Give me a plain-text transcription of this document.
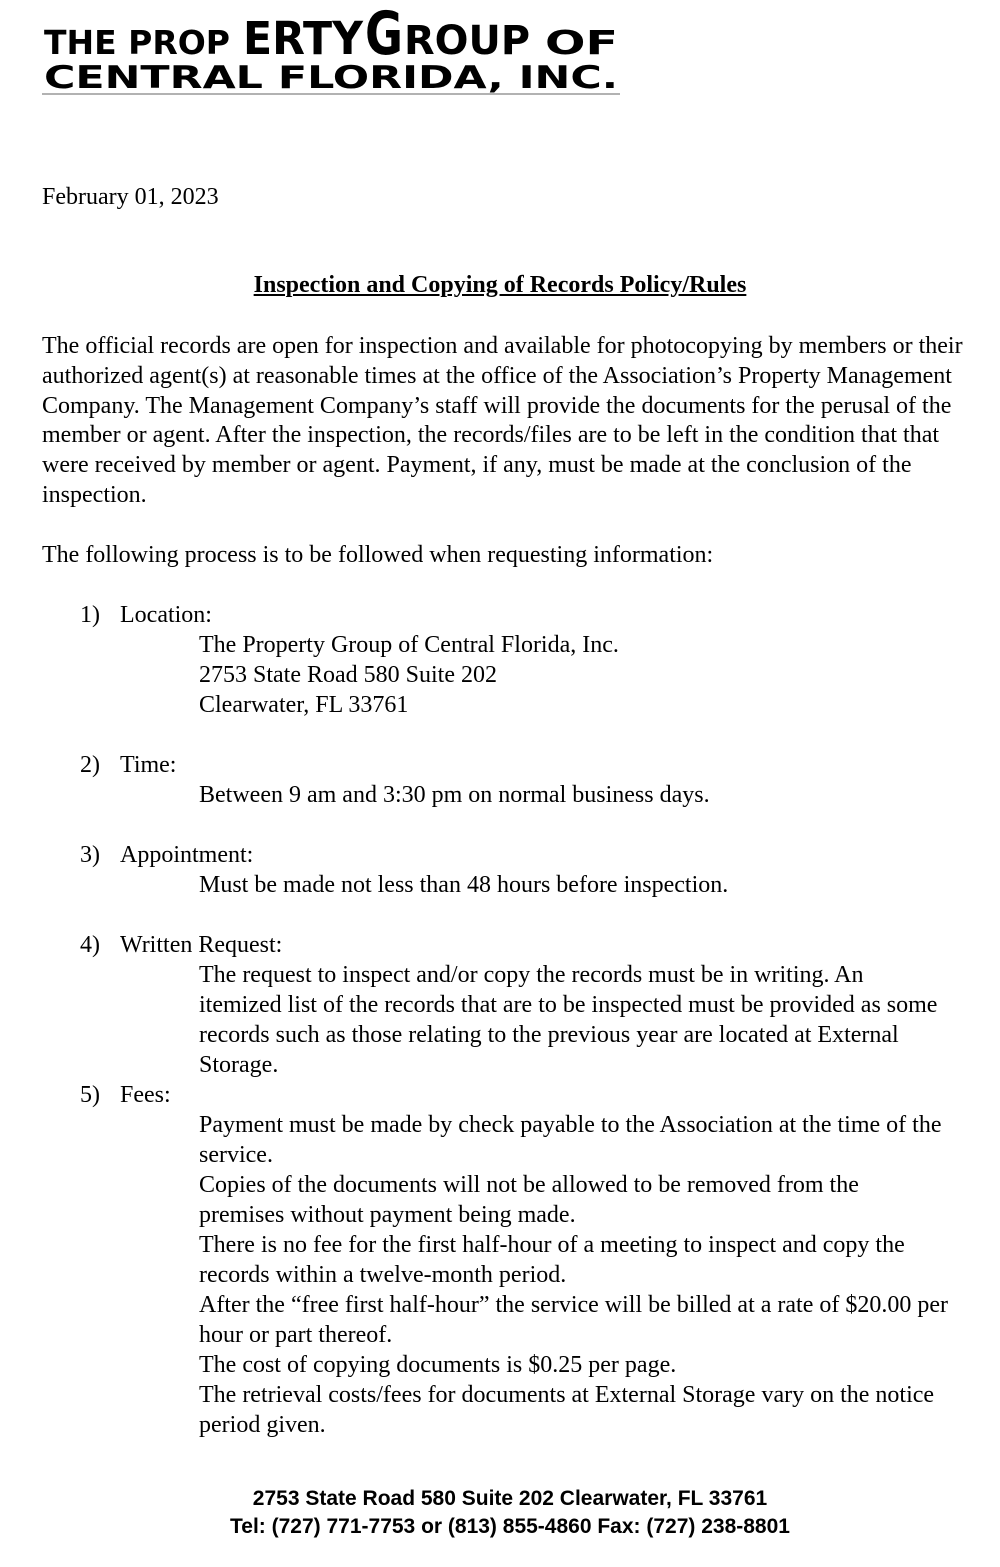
THE PROP ERTY G ROUP OF
CENTRAL FLORIDA, INC.
February 01, 2023
Inspection and Copying of Records Policy/Rules

The official records are open for inspection and available for photocopying by members or their authorized agent(s) at reasonable times at the office of the Association’s Property Management Company. The Management Company’s staff will provide the documents for the perusal of the member or agent. After the inspection, the records/files are to be left in the condition that that were received by member or agent. Payment, if any, must be made at the conclusion of the inspection.

The following process is to be followed when requesting information:

1) Location:
The Property Group of Central Florida, Inc.
2753 State Road 580 Suite 202
Clearwater, FL 33761
2) Time:
Between 9 am and 3:30 pm on normal business days.
3) Appointment:
Must be made not less than 48 hours before inspection.
4) Written Request:
The request to inspect and/or copy the records must be in writing. An itemized list of the records that are to be inspected must be provided as some records such as those relating to the previous year are located at External Storage.
5) Fees:
Payment must be made by check payable to the Association at the time of the service.
Copies of the documents will not be allowed to be removed from the premises without payment being made.
There is no fee for the first half-hour of a meeting to inspect and copy the records within a twelve-month period.
After the “free first half-hour” the service will be billed at a rate of $20.00 per hour or part thereof.
The cost of copying documents is $0.25 per page.
The retrieval costs/fees for documents at External Storage vary on the notice period given.
2753 State Road 580 Suite 202 Clearwater, FL 33761
Tel: (727) 771-7753 or (813) 855-4860 Fax: (727) 238-8801
